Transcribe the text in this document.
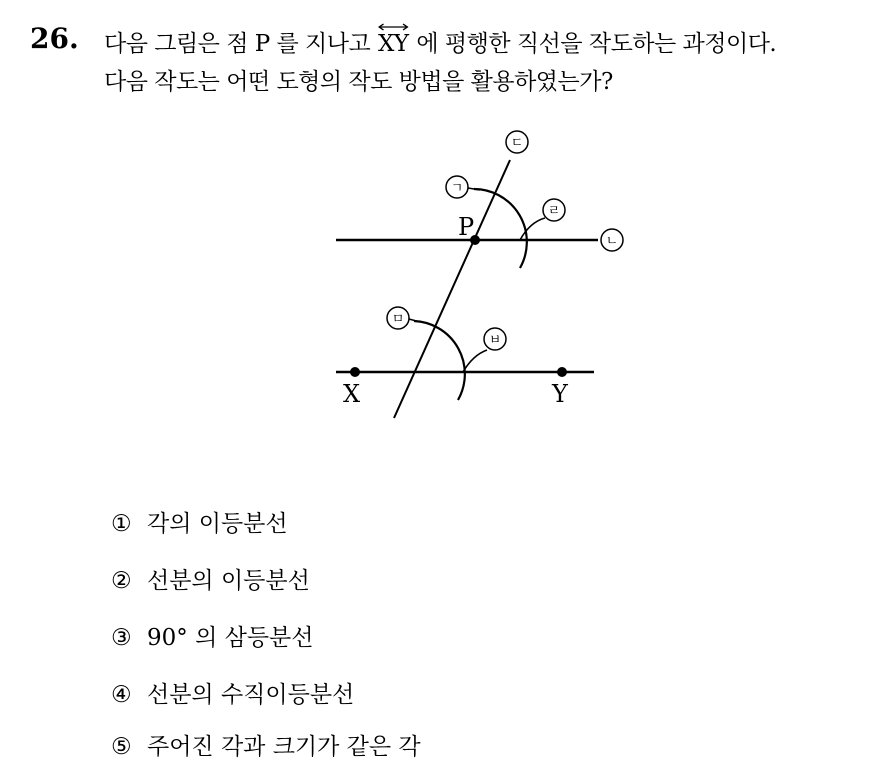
26. 다음 그림은 점 P 를 지나고
XY 에 평행한 직선을 작도하는 과정이다.
다음 작도는 어떤 도형의 작도 방법을 활용하였는가?
P
X	Y
ㄱ
ㄴ
ㄷ
ㄹ
ㅁ
ㅂ
① 각의 이등분선
② 선분의 이등분선
③ 90° 의 삼등분선
④ 선분의 수직이등분선
⑤ 주어진 각과 크기가 같은 각
